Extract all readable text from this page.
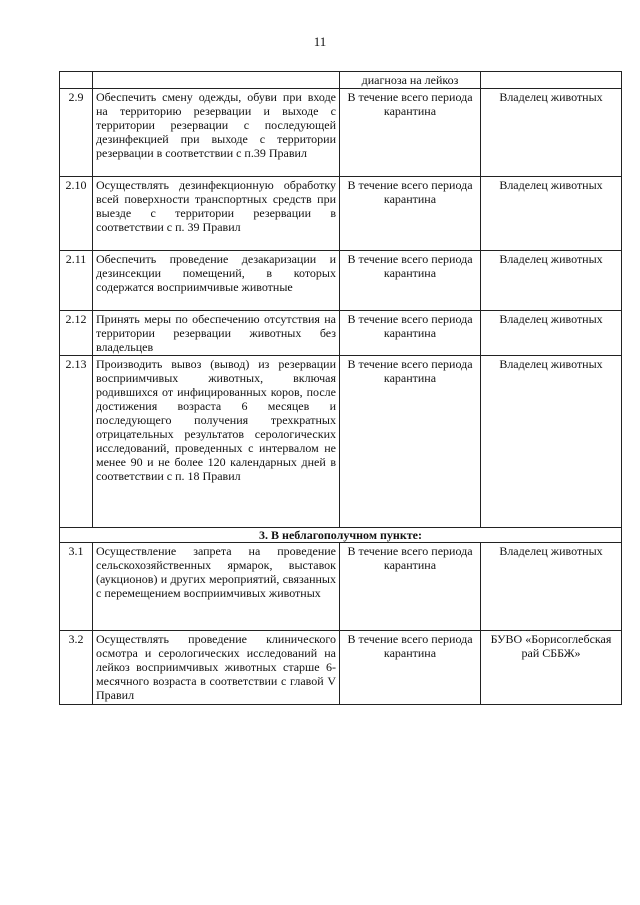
11
		диагноза на лейкоз	
2.9	Обеспечить смену одежды, обуви при входе на территорию резервации и выходе с территории резервации с последующей дезинфекцией при выходе с территории резервации в соответствии с п.39 Правил	В течение всего периода карантина	Владелец животных
2.10	Осуществлять дезинфекционную обработку всей поверхности транспортных средств при выезде с территории резервации в соответствии с п. 39 Правил	В течение всего периода карантина	Владелец животных
2.11	Обеспечить проведение дезакаризации и дезинсекции помещений, в которых содержатся восприимчивые животные	В течение всего периода карантина	Владелец животных
2.12	Принять меры по обеспечению отсутствия на территории резервации животных без владельцев	В течение всего периода карантина	Владелец животных
2.13	Производить вывоз (вывод) из резервации восприимчивых животных, включая родившихся от инфицированных коров, после достижения возраста 6 месяцев и последующего получения трехкратных отрицательных результатов серологических исследований, проведенных с интервалом не менее 90 и не более 120 календарных дней в соответствии с п. 18 Правил	В течение всего периода карантина	Владелец животных
3. В неблагополучном пункте:			
3.1	Осуществление запрета на проведение сельскохозяйственных ярмарок, выставок (аукционов) и других мероприятий, связанных с перемещением восприимчивых животных	В течение всего периода карантина	Владелец животных
3.2	Осуществлять проведение клинического осмотра и серологических исследований на лейкоз восприимчивых животных старше 6-месячного возраста в соответствии с главой V Правил	В течение всего периода карантина	БУВО «Борисоглебская рай СББЖ»
